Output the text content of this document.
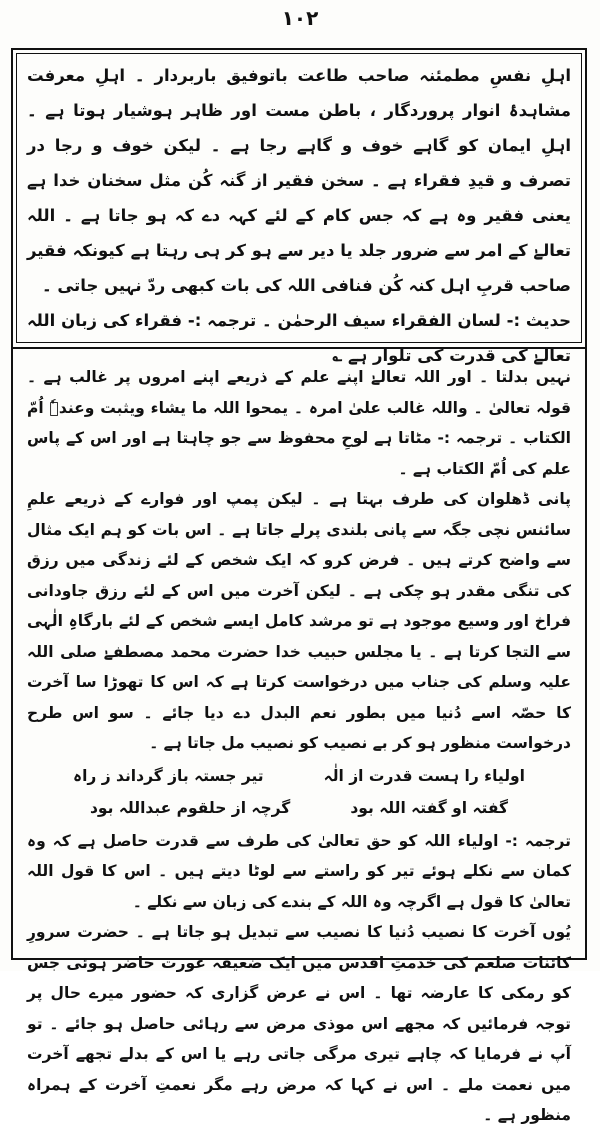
۱۰۲

اہلِ نفسِ مطمئنہ صاحب طاعت باتوفیق باربردار ۔ اہلِ معرفت مشاہدۂ انوار پروردگار ، باطن مست اور ظاہر ہوشیار ہوتا ہے ۔ اہلِ ایمان کو گاہے خوف و گاہے رجا ہے ۔ لیکن خوف و رجا در تصرف و قیدِ فقراء ہے ۔ سخن فقیر از گنہ کُن مثل سخنان خدا ہے یعنی فقیر وہ ہے کہ جس کام کے لئے کہہ دے کہ ہو جاتا ہے ۔ اللہ تعالےٰ کے امر سے ضرور جلد یا دیر سے ہو کر ہی رہتا ہے کیونکہ فقیر صاحب قربِ اہل کنہ کُن فنافی اللہ کی بات کبھی ردّ نہیں جاتی ۔

حدیث :- لسان الفقراء سیف الرحمٰن ۔ ترجمہ :- فقراء کی زبان اللہ تعالےٰ کی قدرت کی تلوار ہے ؎

نہیں بدلتا ۔ اور اللہ تعالےٰ اپنے علم کے ذریعے اپنے امروں پر غالب ہے ۔ قولہ تعالیٰ ۔ واللہ غالب علیٰ امرہ ۔ یمحوا اللہ ما یشاء ویثبت وعندہٗ اُمّ الکتاب ۔ ترجمہ :- مٹاتا ہے لوحِ محفوظ سے جو چاہتا ہے اور اس کے پاس علم کی اُمّ الکتاب ہے ۔

پانی ڈھلوان کی طرف بہتا ہے ۔ لیکن پمپ اور فوارے کے ذریعے علمِ سائنس نچی جگہ سے پانی بلندی پرلے جاتا ہے ۔ اس بات کو ہم ایک مثال سے واضح کرتے ہیں ۔ فرض کرو کہ ایک شخص کے لئے زندگی میں رزق کی تنگی مقدر ہو چکی ہے ۔ لیکن آخرت میں اس کے لئے رزق جاودانی فراخ اور وسیع موجود ہے تو مرشد کامل ایسے شخص کے لئے بارگاہِ الٰہی سے التجا کرتا ہے ۔ یا مجلس حبیب خدا حضرت محمد مصطفےٰ صلی اللہ علیہ وسلم کی جناب میں درخواست کرتا ہے کہ اس کا تھوڑا سا آخرت کا حصّہ اسے دُنیا میں بطور نعم البدل دے دیا جائے ۔ سو اس طرح درخواست منظور ہو کر بے نصیب کو نصیب مل جاتا ہے ۔

اولیاء را ہست قدرت از الٰہ
تیر جستہ باز گرداند ز راہ
گفتہ او گفتہ اللہ بود
گرچہ از حلقوم عبداللہ بود

ترجمہ :- اولیاء اللہ کو حق تعالیٰ کی طرف سے قدرت حاصل ہے کہ وہ کمان سے نکلے ہوئے تیر کو راستے سے لوٹا دیتے ہیں ۔ اس کا قول اللہ تعالیٰ کا قول ہے اگرچہ وہ اللہ کے بندے کی زبان سے نکلے ۔

یُوں آخرت کا نصیب دُنیا کا نصیب سے تبدیل ہو جاتا ہے ۔ حضرت سرورِ کائنات صلعم کی خدمتِ اقدس میں ایک ضعیفہ عورت حاضر ہوئی جس کو رمکی کا عارضہ تھا ۔ اس نے عرض گزاری کہ حضور میرے حال پر توجہ فرمائیں کہ مجھے اس موذی مرض سے رہائی حاصل ہو جائے ۔ تو آپ نے فرمایا کہ چاہے تیری مرگی جاتی رہے یا اس کے بدلے تجھے آخرت میں نعمت ملے ۔ اس نے کہا کہ مرض رہے مگر نعمتِ آخرت کے ہمراہ منظور ہے ۔
